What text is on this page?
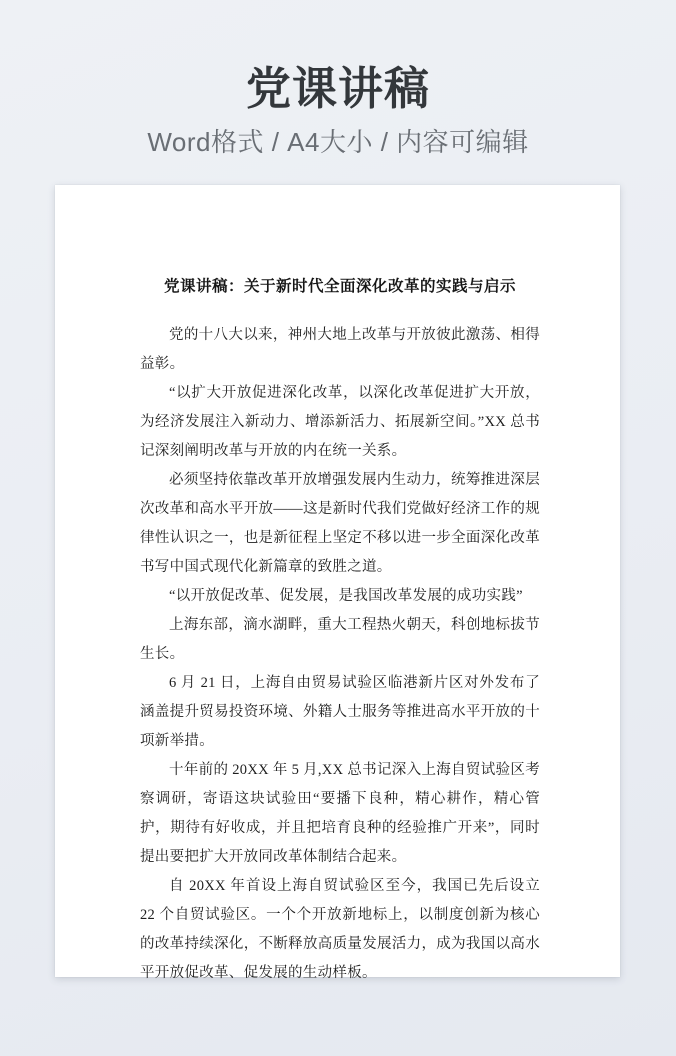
党课讲稿
Word格式 / A4大小 / 内容可编辑
党课讲稿：关于新时代全面深化改革的实践与启示

党的十八大以来，神州大地上改革与开放彼此激荡、相得益彰。

“以扩大开放促进深化改革，以深化改革促进扩大开放，为经济发展注入新动力、增添新活力、拓展新空间。”XX 总书记深刻阐明改革与开放的内在统一关系。

必须坚持依靠改革开放增强发展内生动力，统筹推进深层次改革和高水平开放——这是新时代我们党做好经济工作的规律性认识之一，也是新征程上坚定不移以进一步全面深化改革书写中国式现代化新篇章的致胜之道。

“以开放促改革、促发展，是我国改革发展的成功实践”

上海东部，滴水湖畔，重大工程热火朝天，科创地标拔节生长。

6 月 21 日，上海自由贸易试验区临港新片区对外发布了涵盖提升贸易投资环境、外籍人士服务等推进高水平开放的十项新举措。

十年前的 20XX 年 5 月,XX 总书记深入上海自贸试验区考察调研，寄语这块试验田“要播下良种，精心耕作，精心管护，期待有好收成，并且把培育良种的经验推广开来”，同时提出要把扩大开放同改革体制结合起来。

自 20XX 年首设上海自贸试验区至今，我国已先后设立 22 个自贸试验区。一个个开放新地标上，以制度创新为核心的改革持续深化，不断释放高质量发展活力，成为我国以高水平开放促改革、促发展的生动样板。
